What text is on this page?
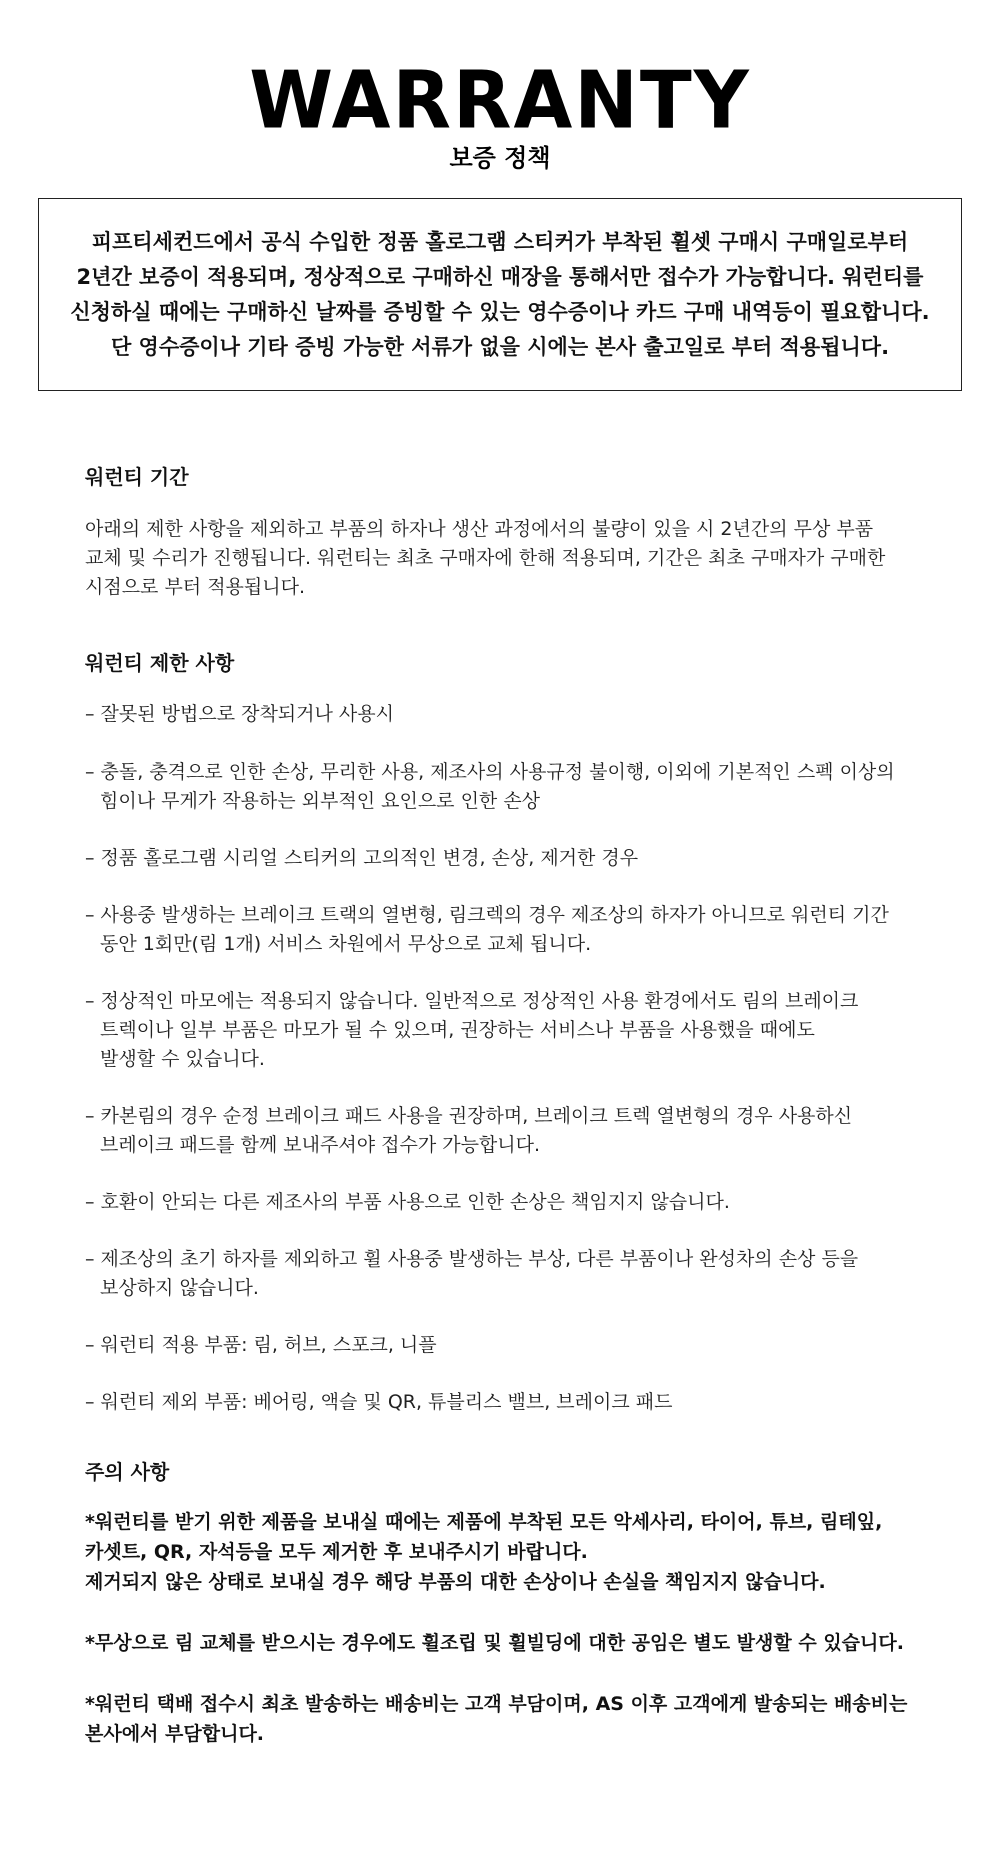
WARRANTY
보증 정책
피프티세컨드에서 공식 수입한 정품 홀로그램 스티커가 부착된 휠셋 구매시 구매일로부터
2년간 보증이 적용되며, 정상적으로 구매하신 매장을 통해서만 접수가 가능합니다. 워런티를
신청하실 때에는 구매하신 날짜를 증빙할 수 있는 영수증이나 카드 구매 내역등이 필요합니다.
단 영수증이나 기타 증빙 가능한 서류가 없을 시에는 본사 출고일로 부터 적용됩니다.
워런티 기간
아래의 제한 사항을 제외하고 부품의 하자나 생산 과정에서의 불량이 있을 시 2년간의 무상 부품
교체 및 수리가 진행됩니다. 워런티는 최초 구매자에 한해 적용되며, 기간은 최초 구매자가 구매한
시점으로 부터 적용됩니다.
워런티 제한 사항
– 잘못된 방법으로 장착되거나 사용시
– 충돌, 충격으로 인한 손상, 무리한 사용, 제조사의 사용규정 불이행, 이외에 기본적인 스펙 이상의
힘이나 무게가 작용하는 외부적인 요인으로 인한 손상
– 정품 홀로그램 시리얼 스티커의 고의적인 변경, 손상, 제거한 경우
– 사용중 발생하는 브레이크 트랙의 열변형, 림크렉의 경우 제조상의 하자가 아니므로 워런티 기간
동안 1회만(림 1개) 서비스 차원에서 무상으로 교체 됩니다.
– 정상적인 마모에는 적용되지 않습니다. 일반적으로 정상적인 사용 환경에서도 림의 브레이크
트렉이나 일부 부품은 마모가 될 수 있으며, 권장하는 서비스나 부품을 사용했을 때에도
발생할 수 있습니다.
– 카본림의 경우 순정 브레이크 패드 사용을 권장하며, 브레이크 트렉 열변형의 경우 사용하신
브레이크 패드를 함께 보내주셔야 접수가 가능합니다.
– 호환이 안되는 다른 제조사의 부품 사용으로 인한 손상은 책임지지 않습니다.
– 제조상의 초기 하자를 제외하고 휠 사용중 발생하는 부상, 다른 부품이나 완성차의 손상 등을
보상하지 않습니다.
– 워런티 적용 부품: 림, 허브, 스포크, 니플
– 워런티 제외 부품: 베어링, 액슬 및 QR, 튜블리스 밸브, 브레이크 패드
주의 사항
*워런티를 받기 위한 제품을 보내실 때에는 제품에 부착된 모든 악세사리, 타이어, 튜브, 림테잎,
카셋트, QR, 자석등을 모두 제거한 후 보내주시기 바랍니다.
제거되지 않은 상태로 보내실 경우 해당 부품의 대한 손상이나 손실을 책임지지 않습니다.
*무상으로 림 교체를 받으시는 경우에도 휠조립 및 휠빌딩에 대한 공임은 별도 발생할 수 있습니다.
*워런티 택배 접수시 최초 발송하는 배송비는 고객 부담이며, AS 이후 고객에게 발송되는 배송비는
본사에서 부담합니다.
